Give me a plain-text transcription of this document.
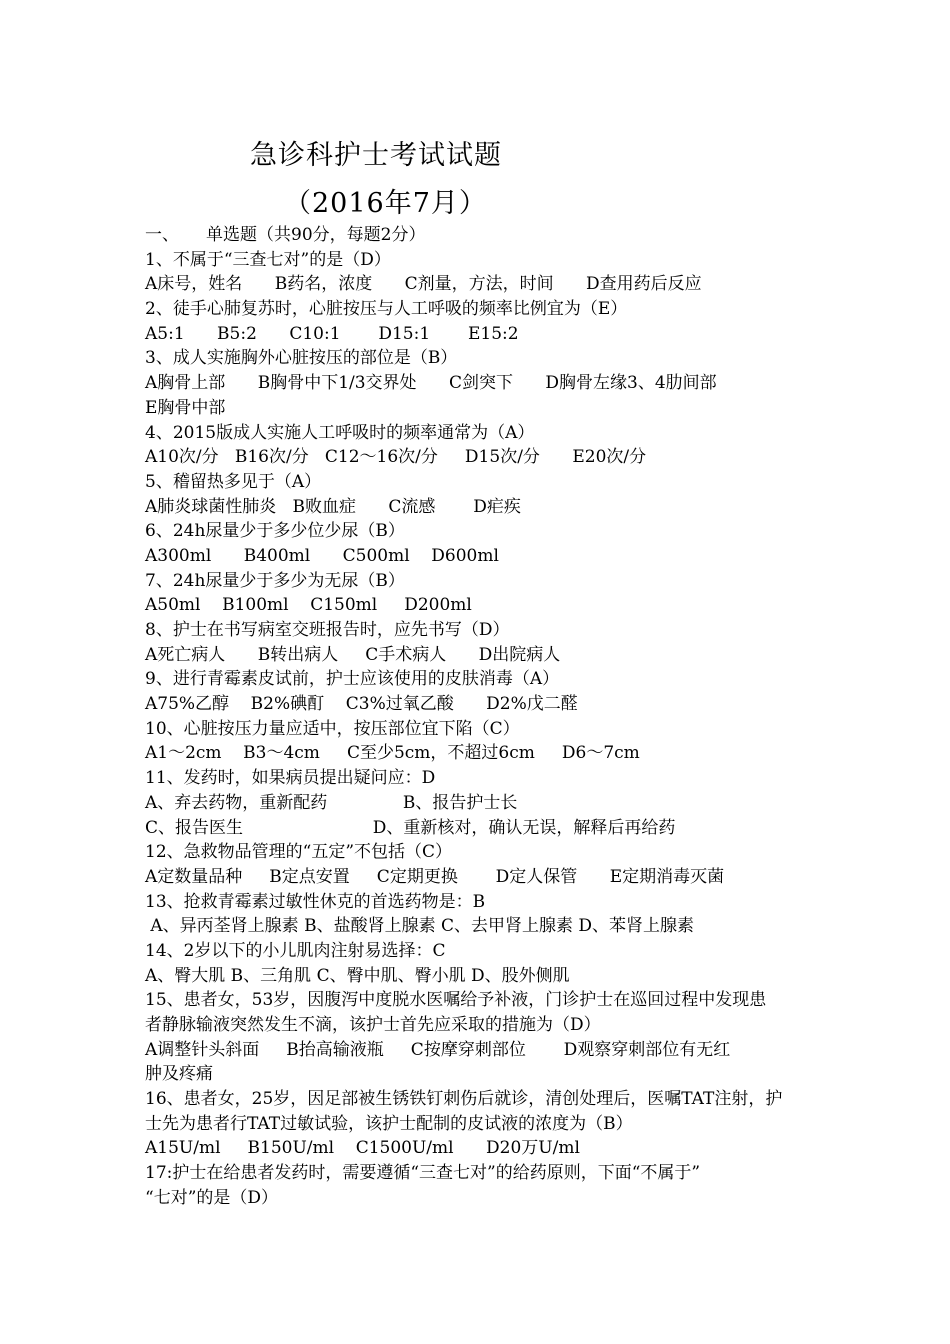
急诊科护士考试试题
（2016年7月）
一、     单选题（共90分，每题2分）
1、不属于“三查七对”的是（D）
A床号，姓名      B药名，浓度      C剂量，方法，时间      D查用药后反应
2、徒手心肺复苏时，心脏按压与人工呼吸的频率比例宜为（E）
A5:1      B5:2      C10:1       D15:1       E15:2
3、成人实施胸外心脏按压的部位是（B）
A胸骨上部      B胸骨中下1/3交界处      C剑突下      D胸骨左缘3、4肋间部
E胸骨中部
4、2015版成人实施人工呼吸时的频率通常为（A）
A10次/分   B16次/分   C12～16次/分     D15次/分      E20次/分
5、稽留热多见于（A）
A肺炎球菌性肺炎   B败血症      C流感       D疟疾
6、24h尿量少于多少位少尿（B）
A300ml      B400ml      C500ml    D600ml
7、24h尿量少于多少为无尿（B）
A50ml    B100ml    C150ml     D200ml
8、护士在书写病室交班报告时，应先书写（D）
A死亡病人      B转出病人     C手术病人      D出院病人
9、进行青霉素皮试前，护士应该使用的皮肤消毒（A）
A75%乙醇    B2%碘酊    C3%过氧乙酸      D2%戊二醛
10、心脏按压力量应适中，按压部位宜下陷（C）
A1～2cm    B3～4cm     C至少5cm，不超过6cm     D6～7cm
11、发药时，如果病员提出疑问应：D
A、弃去药物，重新配药              B、报告护士长
C、报告医生                        D、重新核对，确认无误，解释后再给药
12、急救物品管理的“五定”不包括（C）
A定数量品种     B定点安置     C定期更换       D定人保管      E定期消毒灭菌
13、抢救青霉素过敏性休克的首选药物是：B
A、异丙荃肾上腺素 B、盐酸肾上腺素 C、去甲肾上腺素 D、苯肾上腺素
14、2岁以下的小儿肌肉注射易选择：C
A、臀大肌 B、三角肌 C、臀中肌、臀小肌 D、股外侧肌
15、患者女，53岁，因腹泻中度脱水医嘱给予补液，门诊护士在巡回过程中发现患
者静脉输液突然发生不滴，该护士首先应采取的措施为（D）
A调整针头斜面     B抬高输液瓶     C按摩穿刺部位       D观察穿刺部位有无红
肿及疼痛
16、患者女，25岁，因足部被生锈铁钉刺伤后就诊，清创处理后，医嘱TAT注射，护
士先为患者行TAT过敏试验，该护士配制的皮试液的浓度为（B）
A15U/ml     B150U/ml    C1500U/ml      D20万U/ml
17:护士在给患者发药时，需要遵循“三查七对”的给药原则，下面“不属于”
“七对”的是（D）
